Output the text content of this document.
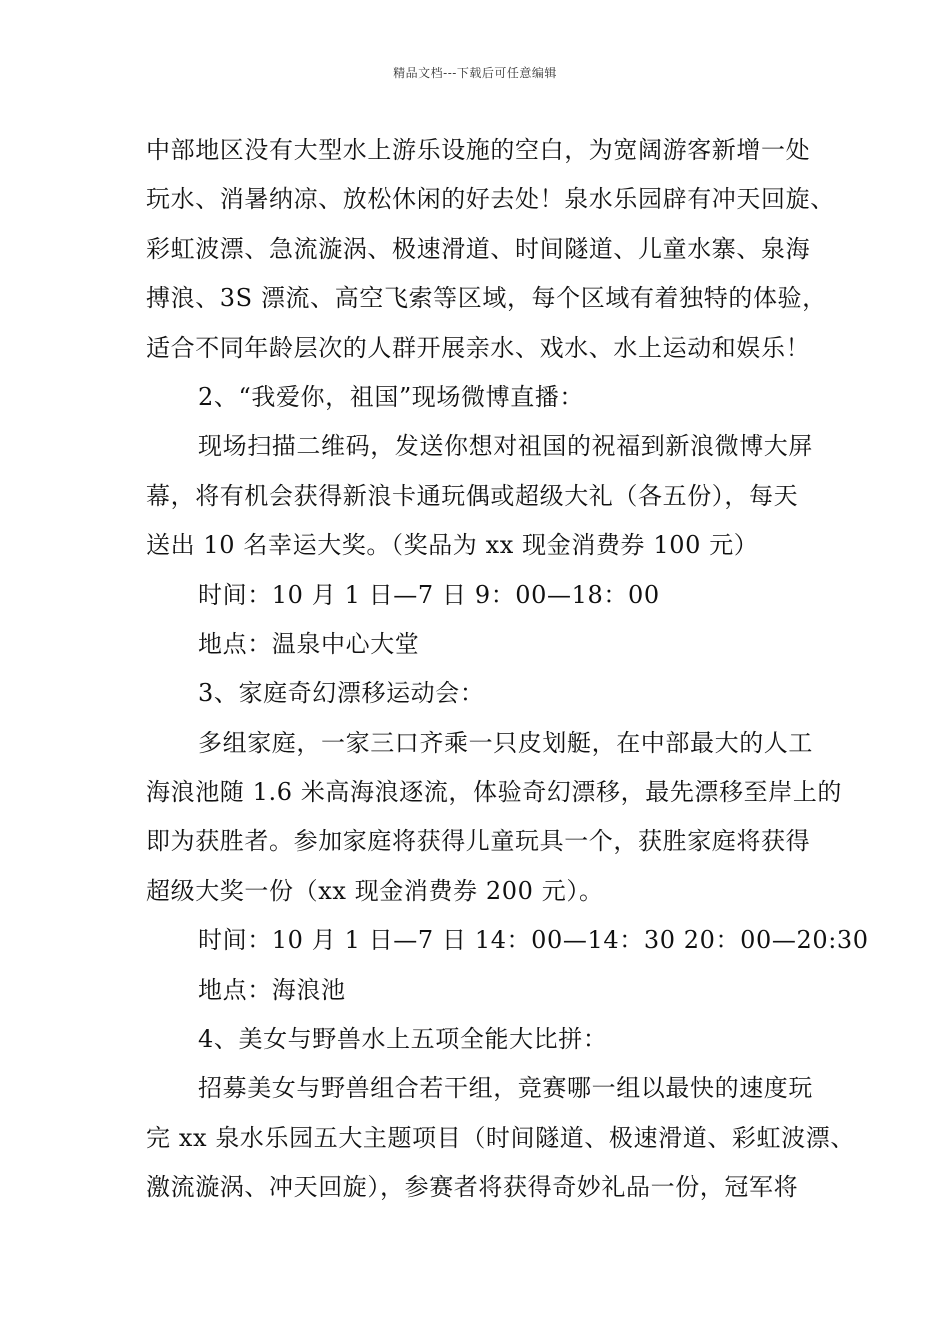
精品文档---下载后可任意编辑
中部地区没有大型水上游乐设施的空白，为宽阔游客新增一处
玩水、消暑纳凉、放松休闲的好去处！泉水乐园辟有冲天回旋、
彩虹波漂、急流漩涡、极速滑道、时间隧道、儿童水寨、泉海
搏浪、3S 漂流、高空飞索等区域，每个区域有着独特的体验，
适合不同年龄层次的人群开展亲水、戏水、水上运动和娱乐！
2、“我爱你，祖国”现场微博直播：
现场扫描二维码，发送你想对祖国的祝福到新浪微博大屏
幕，将有机会获得新浪卡通玩偶或超级大礼（各五份），每天
送出 10 名幸运大奖。（奖品为 xx 现金消费券 100 元）
时间：10 月 1 日—7 日 9：00—18：00
地点：温泉中心大堂
3、家庭奇幻漂移运动会：
多组家庭，一家三口齐乘一只皮划艇，在中部最大的人工
海浪池随 1.6 米高海浪逐流，体验奇幻漂移，最先漂移至岸上的
即为获胜者。参加家庭将获得儿童玩具一个，获胜家庭将获得
超级大奖一份（xx 现金消费券 200 元）。
时间：10 月 1 日—7 日 14：00—14：30 20：00—20:30
地点：海浪池
4、美女与野兽水上五项全能大比拼：
招募美女与野兽组合若干组，竞赛哪一组以最快的速度玩
完 xx 泉水乐园五大主题项目（时间隧道、极速滑道、彩虹波漂、
激流漩涡、冲天回旋），参赛者将获得奇妙礼品一份，冠军将
